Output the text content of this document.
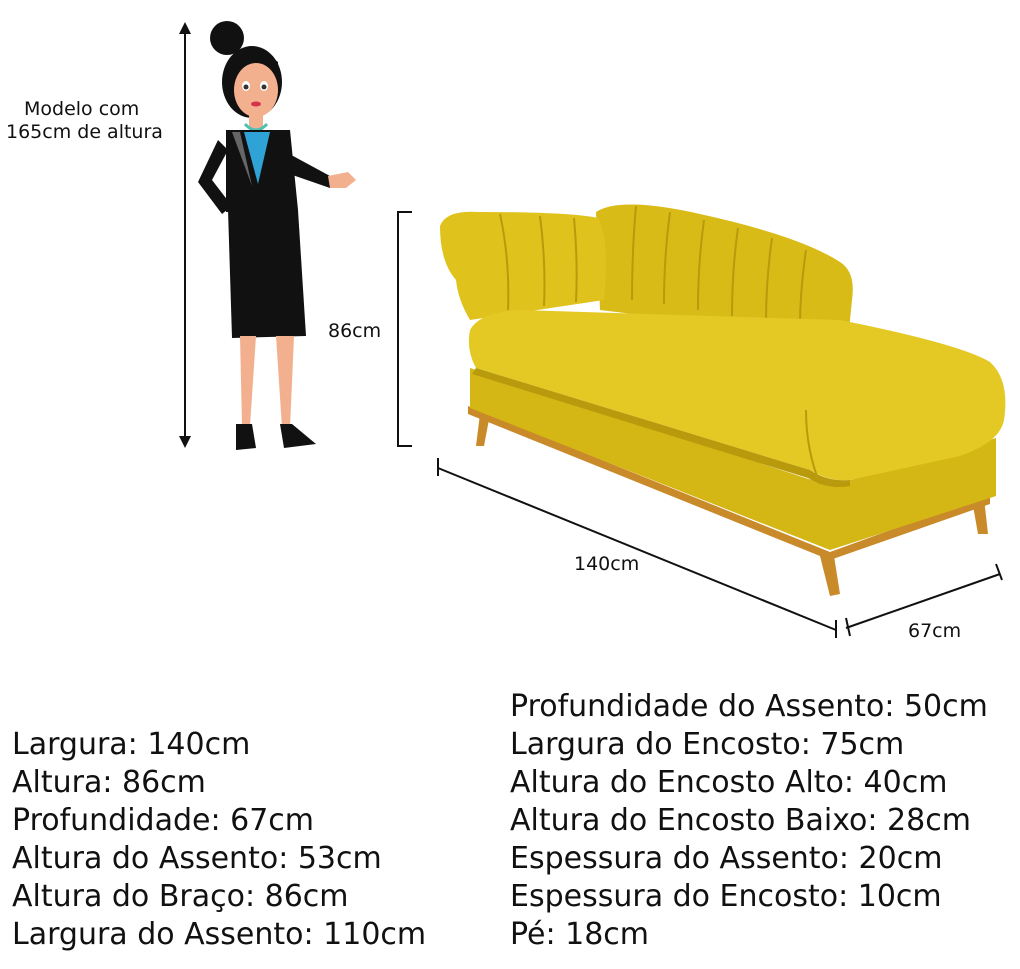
Modelo com
165cm de altura
86cm
140cm
67cm
Largura: 140cm
Altura: 86cm
Profundidade: 67cm
Altura do Assento: 53cm
Altura do Braço: 86cm
Largura do Assento: 110cm
Profundidade do Assento: 50cm
Largura do Encosto: 75cm
Altura do Encosto Alto: 40cm
Altura do Encosto Baixo: 28cm
Espessura do Assento: 20cm
Espessura do Encosto: 10cm
Pé: 18cm
